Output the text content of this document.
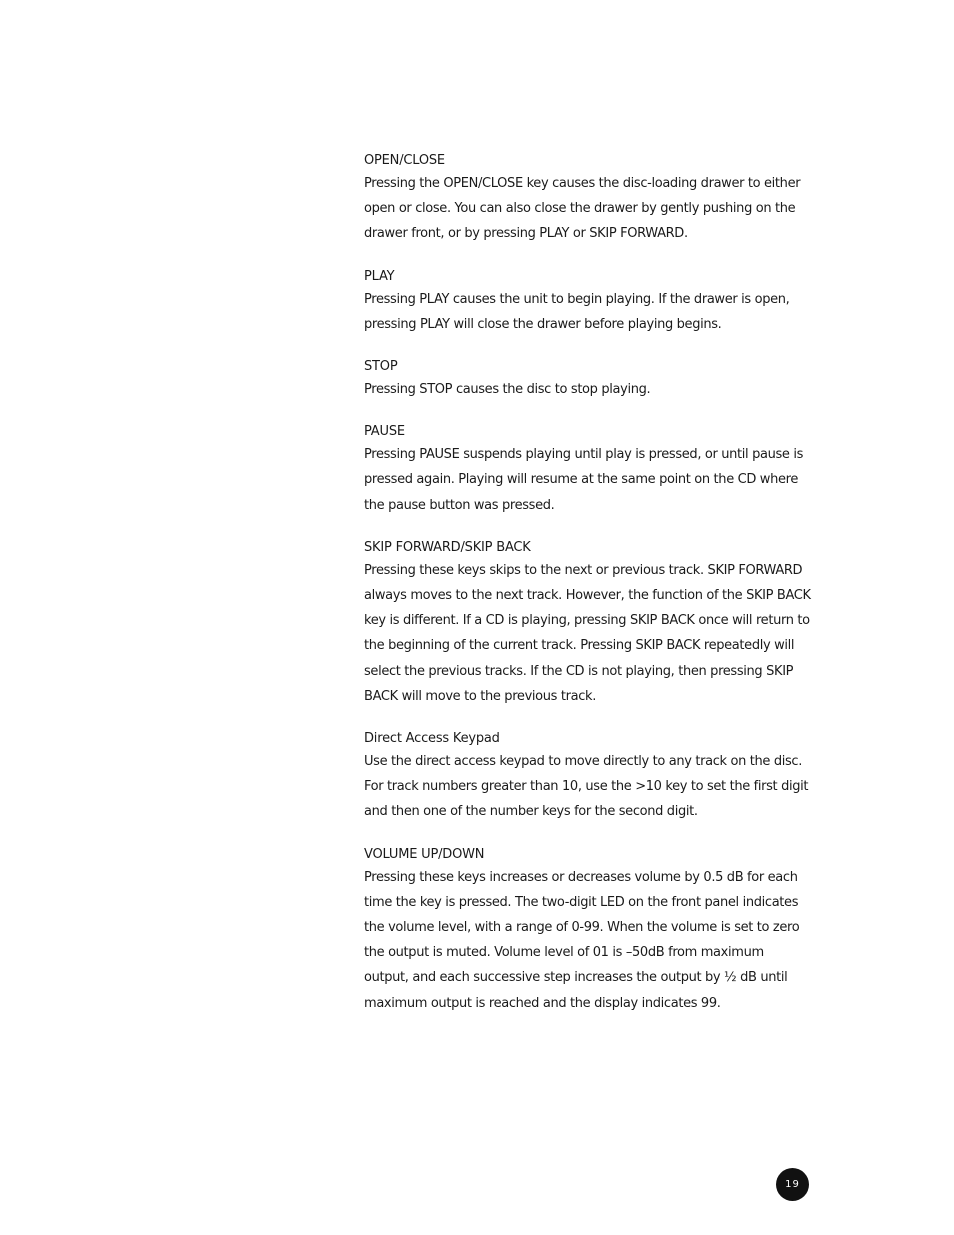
OPEN/CLOSE
Pressing the OPEN/CLOSE key causes the disc-loading drawer to either
open or close. You can also close the drawer by gently pushing on the
drawer front, or by pressing PLAY or SKIP FORWARD.
PLAY
Pressing PLAY causes the unit to begin playing. If the drawer is open,
pressing PLAY will close the drawer before playing begins.
STOP
Pressing STOP causes the disc to stop playing.
PAUSE
Pressing PAUSE suspends playing until play is pressed, or until pause is
pressed again. Playing will resume at the same point on the CD where
the pause button was pressed.
SKIP FORWARD/SKIP BACK
Pressing these keys skips to the next or previous track. SKIP FORWARD
always moves to the next track. However, the function of the SKIP BACK
key is different. If a CD is playing, pressing SKIP BACK once will return to
the beginning of the current track. Pressing SKIP BACK repeatedly will
select the previous tracks. If the CD is not playing, then pressing SKIP
BACK will move to the previous track.
Direct Access Keypad
Use the direct access keypad to move directly to any track on the disc.
For track numbers greater than 10, use the >10 key to set the first digit
and then one of the number keys for the second digit.
VOLUME UP/DOWN
Pressing these keys increases or decreases volume by 0.5 dB for each
time the key is pressed. The two-digit LED on the front panel indicates
the volume level, with a range of 0-99. When the volume is set to zero
the output is muted. Volume level of 01 is –50dB from maximum
output, and each successive step increases the output by ½ dB until
maximum output is reached and the display indicates 99.
19
